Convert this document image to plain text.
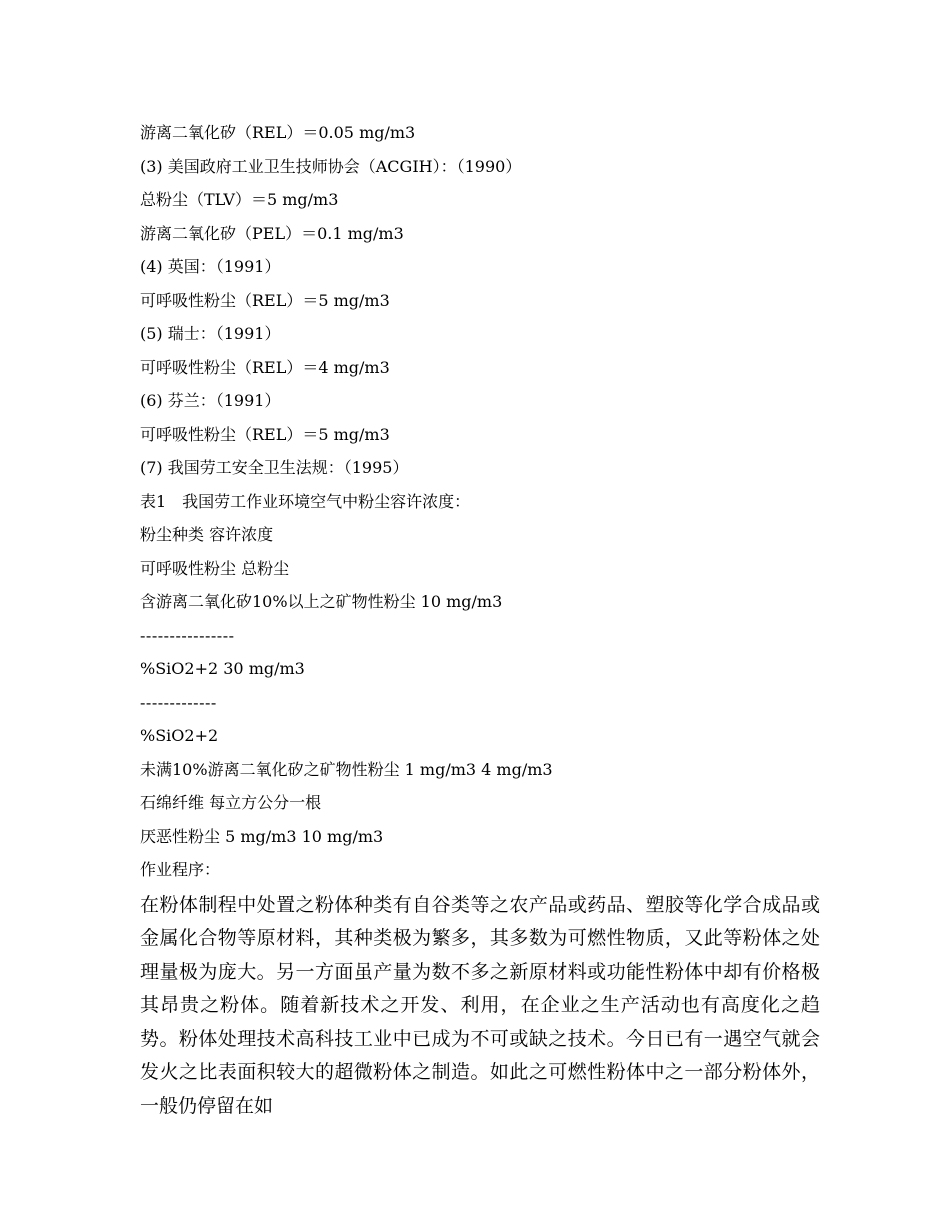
游离二氧化矽（REL）＝0.05 mg/m3
(3) 美国政府工业卫生技师协会（ACGIH）：（1990）
总粉尘（TLV）＝5 mg/m3
游离二氧化矽（PEL）＝0.1 mg/m3
(4) 英国：（1991）
可呼吸性粉尘（REL）＝5 mg/m3
(5) 瑞士：（1991）
可呼吸性粉尘（REL）＝4 mg/m3
(6) 芬兰：（1991）
可呼吸性粉尘（REL）＝5 mg/m3
(7) 我国劳工安全卫生法规：（1995）
表1　我国劳工作业环境空气中粉尘容许浓度：
粉尘种类 容许浓度
可呼吸性粉尘 总粉尘
含游离二氧化矽10%以上之矿物性粉尘 10 mg/m3
----------------
%SiO2+2 30 mg/m3
-------------
%SiO2+2
未满10%游离二氧化矽之矿物性粉尘 1 mg/m3 4 mg/m3
石绵纤维 每立方公分一根
厌恶性粉尘 5 mg/m3 10 mg/m3
作业程序：
在粉体制程中处置之粉体种类有自谷类等之农产品或药品、塑胶等化学合成品或金属化合物等原材料，其种类极为繁多，其多数为可燃性物质，又此等粉体之处理量极为庞大。另一方面虽产量为数不多之新原材料或功能性粉体中却有价格极其昂贵之粉体。随着新技术之开发、利用，在企业之生产活动也有高度化之趋势。粉体处理技术高科技工业中已成为不可或缺之技术。今日已有一遇空气就会发火之比表面积较大的超微粉体之制造。如此之可燃性粉体中之一部分粉体外，一般仍停留在如
